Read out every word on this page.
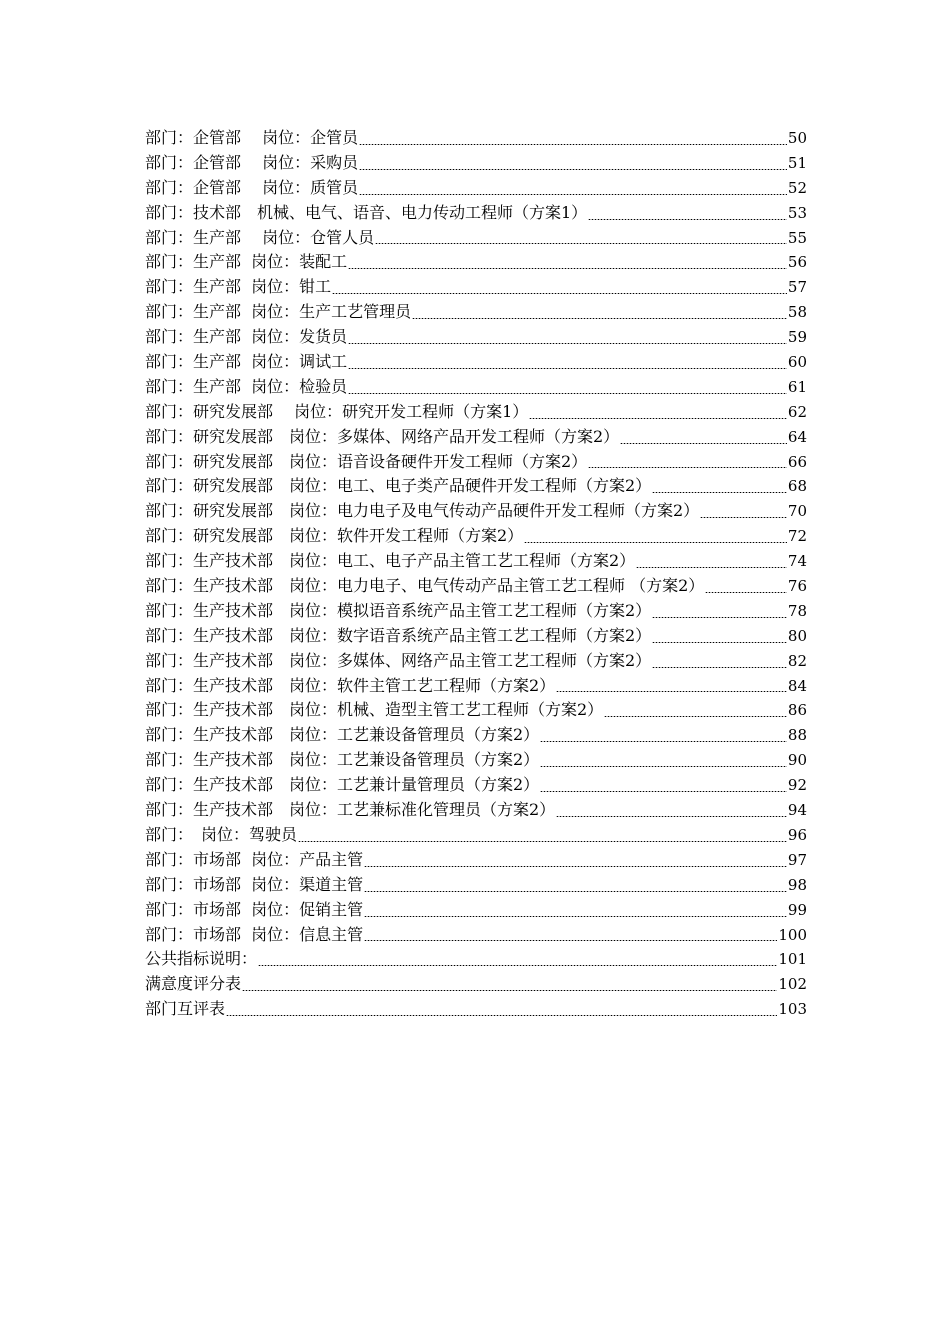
部门：企管部　 岗位：企管员	50
部门：企管部　 岗位：采购员	51
部门：企管部　 岗位：质管员	52
部门：技术部　机械、电气、语音、电力传动工程师（方案1）	53
部门：生产部　 岗位：仓管人员	55
部门：生产部  岗位：装配工	56
部门：生产部  岗位：钳工	57
部门：生产部  岗位：生产工艺管理员	58
部门：生产部  岗位：发货员	59
部门：生产部  岗位：调试工	60
部门：生产部  岗位：检验员	61
部门：研究发展部　 岗位：研究开发工程师（方案1）	62
部门：研究发展部　岗位：多媒体、网络产品开发工程师（方案2）	64
部门：研究发展部　岗位：语音设备硬件开发工程师（方案2）	66
部门：研究发展部　岗位：电工、电子类产品硬件开发工程师（方案2）	68
部门：研究发展部　岗位：电力电子及电气传动产品硬件开发工程师（方案2）	70
部门：研究发展部　岗位：软件开发工程师（方案2）	72
部门：生产技术部　岗位：电工、电子产品主管工艺工程师（方案2）	74
部门：生产技术部　岗位：电力电子、电气传动产品主管工艺工程师 （方案2）	76
部门：生产技术部　岗位：模拟语音系统产品主管工艺工程师（方案2）	78
部门：生产技术部　岗位：数字语音系统产品主管工艺工程师（方案2）	80
部门：生产技术部　岗位：多媒体、网络产品主管工艺工程师（方案2）	82
部门：生产技术部　岗位：软件主管工艺工程师（方案2）	84
部门：生产技术部　岗位：机械、造型主管工艺工程师（方案2）	86
部门：生产技术部　岗位：工艺兼设备管理员（方案2）	88
部门：生产技术部　岗位：工艺兼设备管理员（方案2）	90
部门：生产技术部　岗位：工艺兼计量管理员（方案2）	92
部门：生产技术部　岗位：工艺兼标准化管理员（方案2）	94
部门：　岗位：驾驶员	96
部门：市场部  岗位：产品主管	97
部门：市场部  岗位：渠道主管	98
部门：市场部  岗位：促销主管	99
部门：市场部  岗位：信息主管	100
公共指标说明：	101
满意度评分表	102
部门互评表	103
